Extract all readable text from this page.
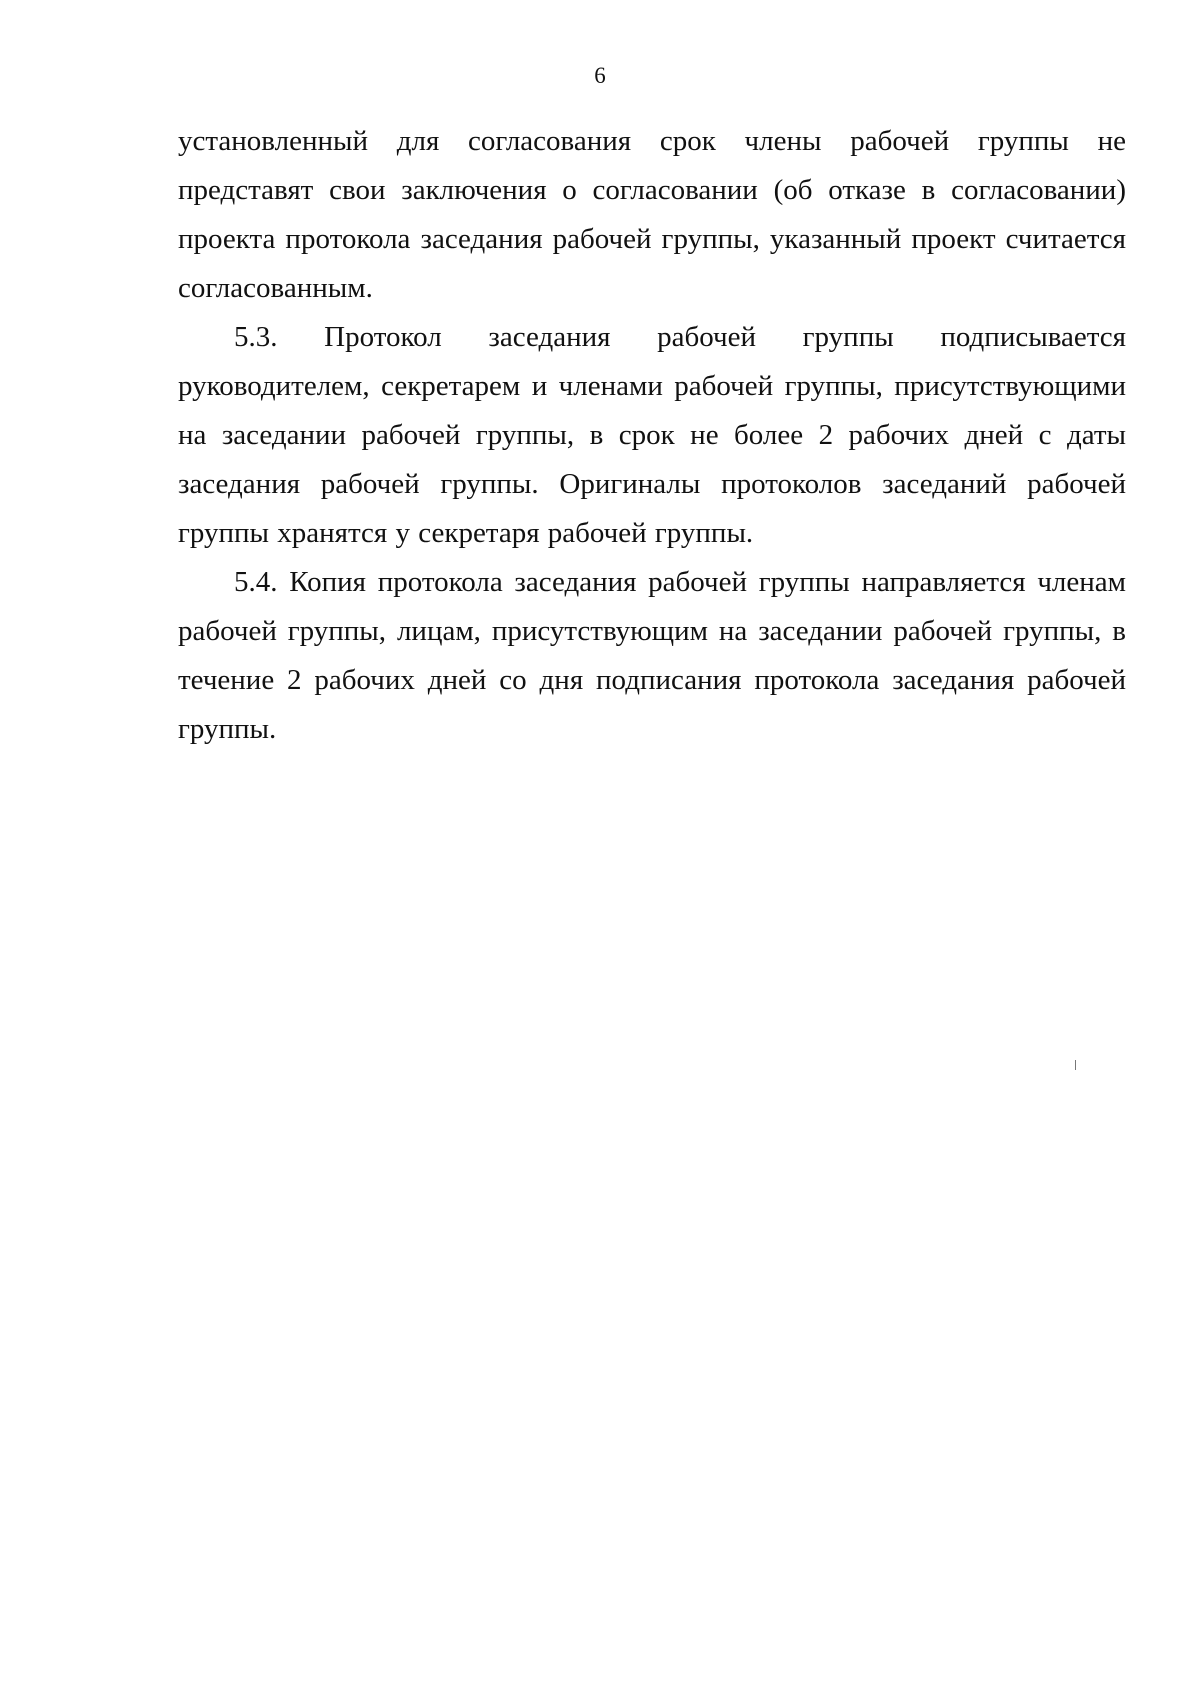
6

установленный для согласования срок члены рабочей группы не представят свои заключения о согласовании (об отказе в согласовании) проекта протокола заседания рабочей группы, указанный проект считается согласованным.

5.3. Протокол заседания рабочей группы подписывается руководителем, секретарем и членами рабочей группы, присутствующими на заседании рабочей группы, в срок не более 2 рабочих дней с даты заседания рабочей группы. Оригиналы протоколов заседаний рабочей группы хранятся у секретаря рабочей группы.

5.4. Копия протокола заседания рабочей группы направляется членам рабочей группы, лицам, присутствующим на заседании рабочей группы, в течение 2 рабочих дней со дня подписания протокола заседания рабочей группы.
